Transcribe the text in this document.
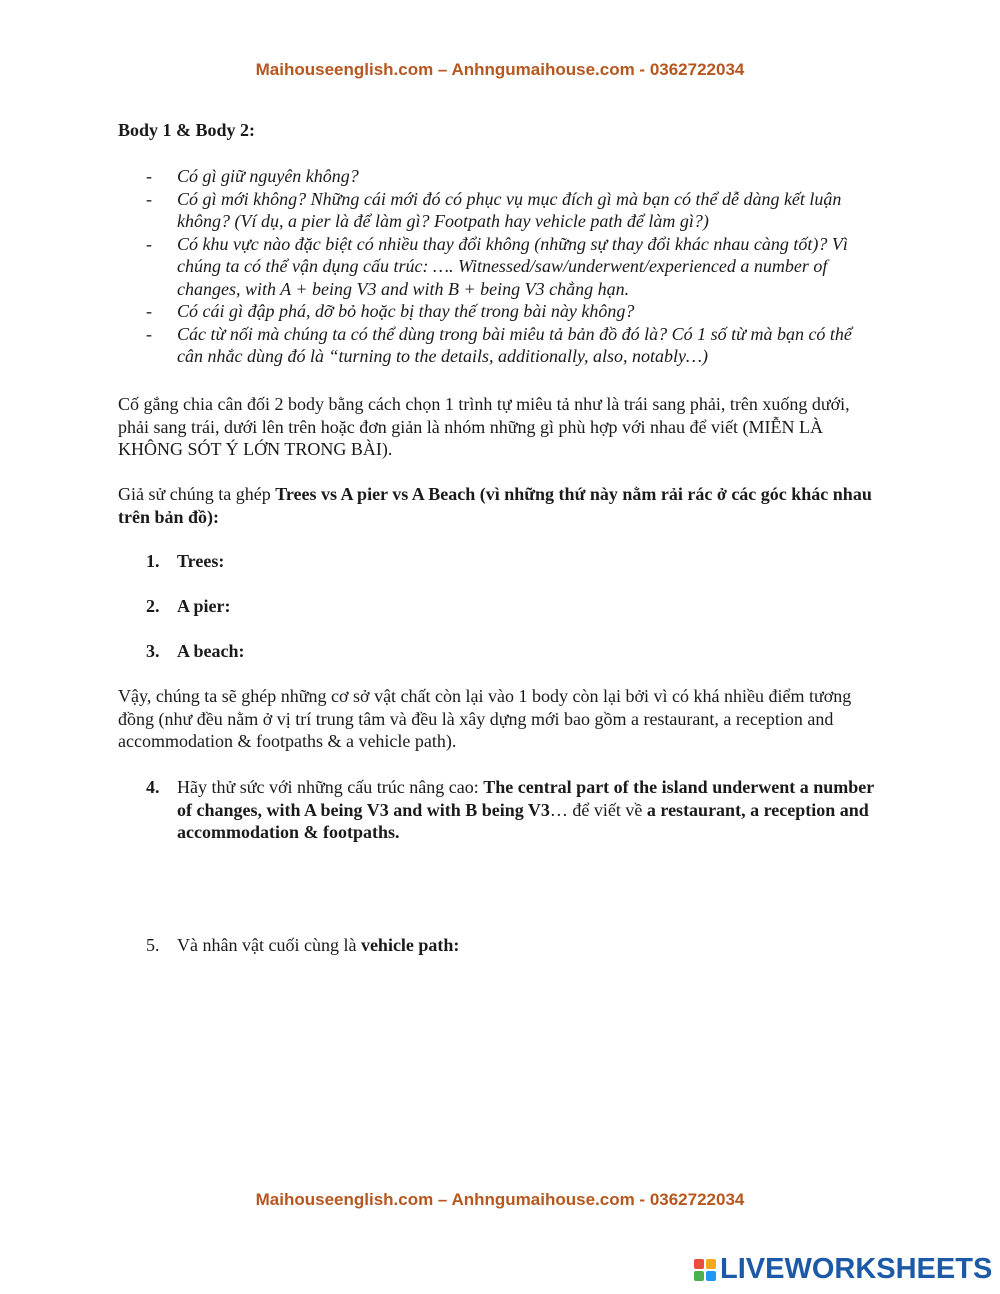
Maihouseenglish.com – Anhngumaihouse.com - 0362722034
Body 1 & Body 2:
- Có gì giữ nguyên không?
- Có gì mới không? Những cái mới đó có phục vụ mục đích gì mà bạn có thể dễ dàng kết luận không? (Ví dụ, a pier là để làm gì? Footpath hay vehicle path để làm gì?)
- Có khu vực nào đặc biệt có nhiều thay đổi không (những sự thay đổi khác nhau càng tốt)? Vì chúng ta có thể vận dụng cấu trúc: …. Witnessed/saw/underwent/experienced a number of changes, with A + being V3 and with B + being V3 chẳng hạn.
- Có cái gì đập phá, dỡ bỏ hoặc bị thay thế trong bài này không?
- Các từ nối mà chúng ta có thể dùng trong bài miêu tả bản đồ đó là? Có 1 số từ mà bạn có thể cân nhắc dùng đó là “turning to the details, additionally, also, notably…)
Cố gắng chia cân đối 2 body bằng cách chọn 1 trình tự miêu tả như là trái sang phải, trên xuống dưới, phải sang trái, dưới lên trên hoặc đơn giản là nhóm những gì phù hợp với nhau để viết (MIỄN LÀ KHÔNG SÓT Ý LỚN TRONG BÀI).
Giả sử chúng ta ghép Trees vs A pier vs A Beach (vì những thứ này nằm rải rác ở các góc khác nhau trên bản đồ):
1. Trees:
2. A pier:
3. A beach:
Vậy, chúng ta sẽ ghép những cơ sở vật chất còn lại vào 1 body còn lại bởi vì có khá nhiều điểm tương đồng (như đều nằm ở vị trí trung tâm và đều là xây dựng mới bao gồm a restaurant, a reception and accommodation & footpaths & a vehicle path).
4. Hãy thử sức với những cấu trúc nâng cao: The central part of the island underwent a number of changes, with A being V3 and with B being V3… để viết về a restaurant, a reception and accommodation & footpaths.
5. Và nhân vật cuối cùng là vehicle path:
Maihouseenglish.com – Anhngumaihouse.com - 0362722034
LIVEWORKSHEETS
